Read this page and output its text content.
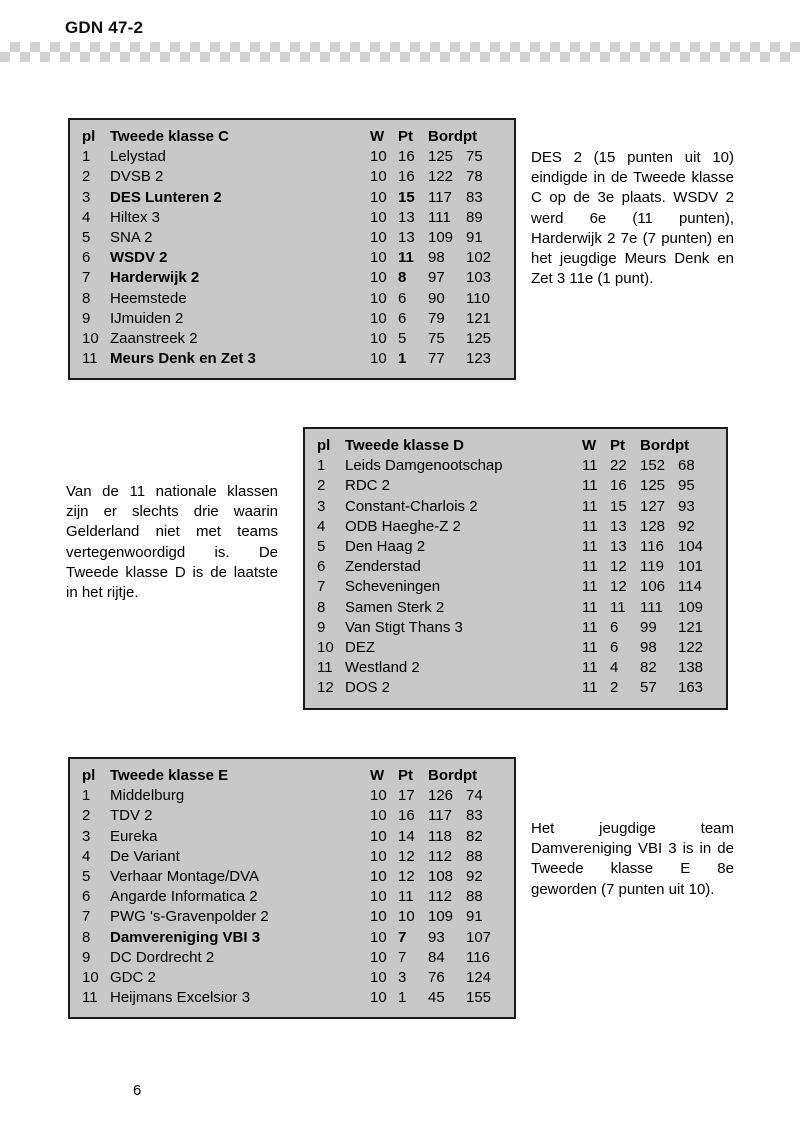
GDN 47-2
pl	Tweede klasse C	W	Pt	Bordpt	
1	Lelystad	10	16	125	75
2	DVSB 2	10	16	122	78
3	DES Lunteren 2	10	15	117	83
4	Hiltex 3	10	13	111	89
5	SNA 2	10	13	109	91
6	WSDV 2	10	11	98	102
7	Harderwijk 2	10	8	97	103
8	Heemstede	10	6	90	110
9	IJmuiden 2	10	6	79	121
10	Zaanstreek 2	10	5	75	125
11	Meurs Denk en Zet 3	10	1	77	123
DES 2 (15 punten uit 10) eindigde in de Tweede klasse C op de 3e plaats. WSDV 2 werd 6e (11 punten), Harderwijk 2 7e (7 punten) en het jeugdige Meurs Denk en Zet 3 11e (1 punt).
pl	Tweede klasse D	W	Pt	Bordpt	
1	Leids Damgenootschap	11	22	152	68
2	RDC 2	11	16	125	95
3	Constant-Charlois 2	11	15	127	93
4	ODB Haeghe-Z 2	11	13	128	92
5	Den Haag 2	11	13	116	104
6	Zenderstad	11	12	119	101
7	Scheveningen	11	12	106	114
8	Samen Sterk 2	11	11	111	109
9	Van Stigt Thans 3	11	6	99	121
10	DEZ	11	6	98	122
11	Westland 2	11	4	82	138
12	DOS 2	11	2	57	163
Van de 11 nationale klassen zijn er slechts drie waarin Gelderland niet met teams vertegenwoordigd is. De Tweede klasse D is de laatste in het rijtje.
pl	Tweede klasse E	W	Pt	Bordpt	
1	Middelburg	10	17	126	74
2	TDV 2	10	16	117	83
3	Eureka	10	14	118	82
4	De Variant	10	12	112	88
5	Verhaar Montage/DVA	10	12	108	92
6	Angarde Informatica 2	10	11	112	88
7	PWG 's-Gravenpolder 2	10	10	109	91
8	Damvereniging VBI 3	10	7	93	107
9	DC Dordrecht 2	10	7	84	116
10	GDC 2	10	3	76	124
11	Heijmans Excelsior 3	10	1	45	155
Het jeugdige team Damvereniging VBI 3 is in de Tweede klasse E 8e geworden (7 punten uit 10).
6
